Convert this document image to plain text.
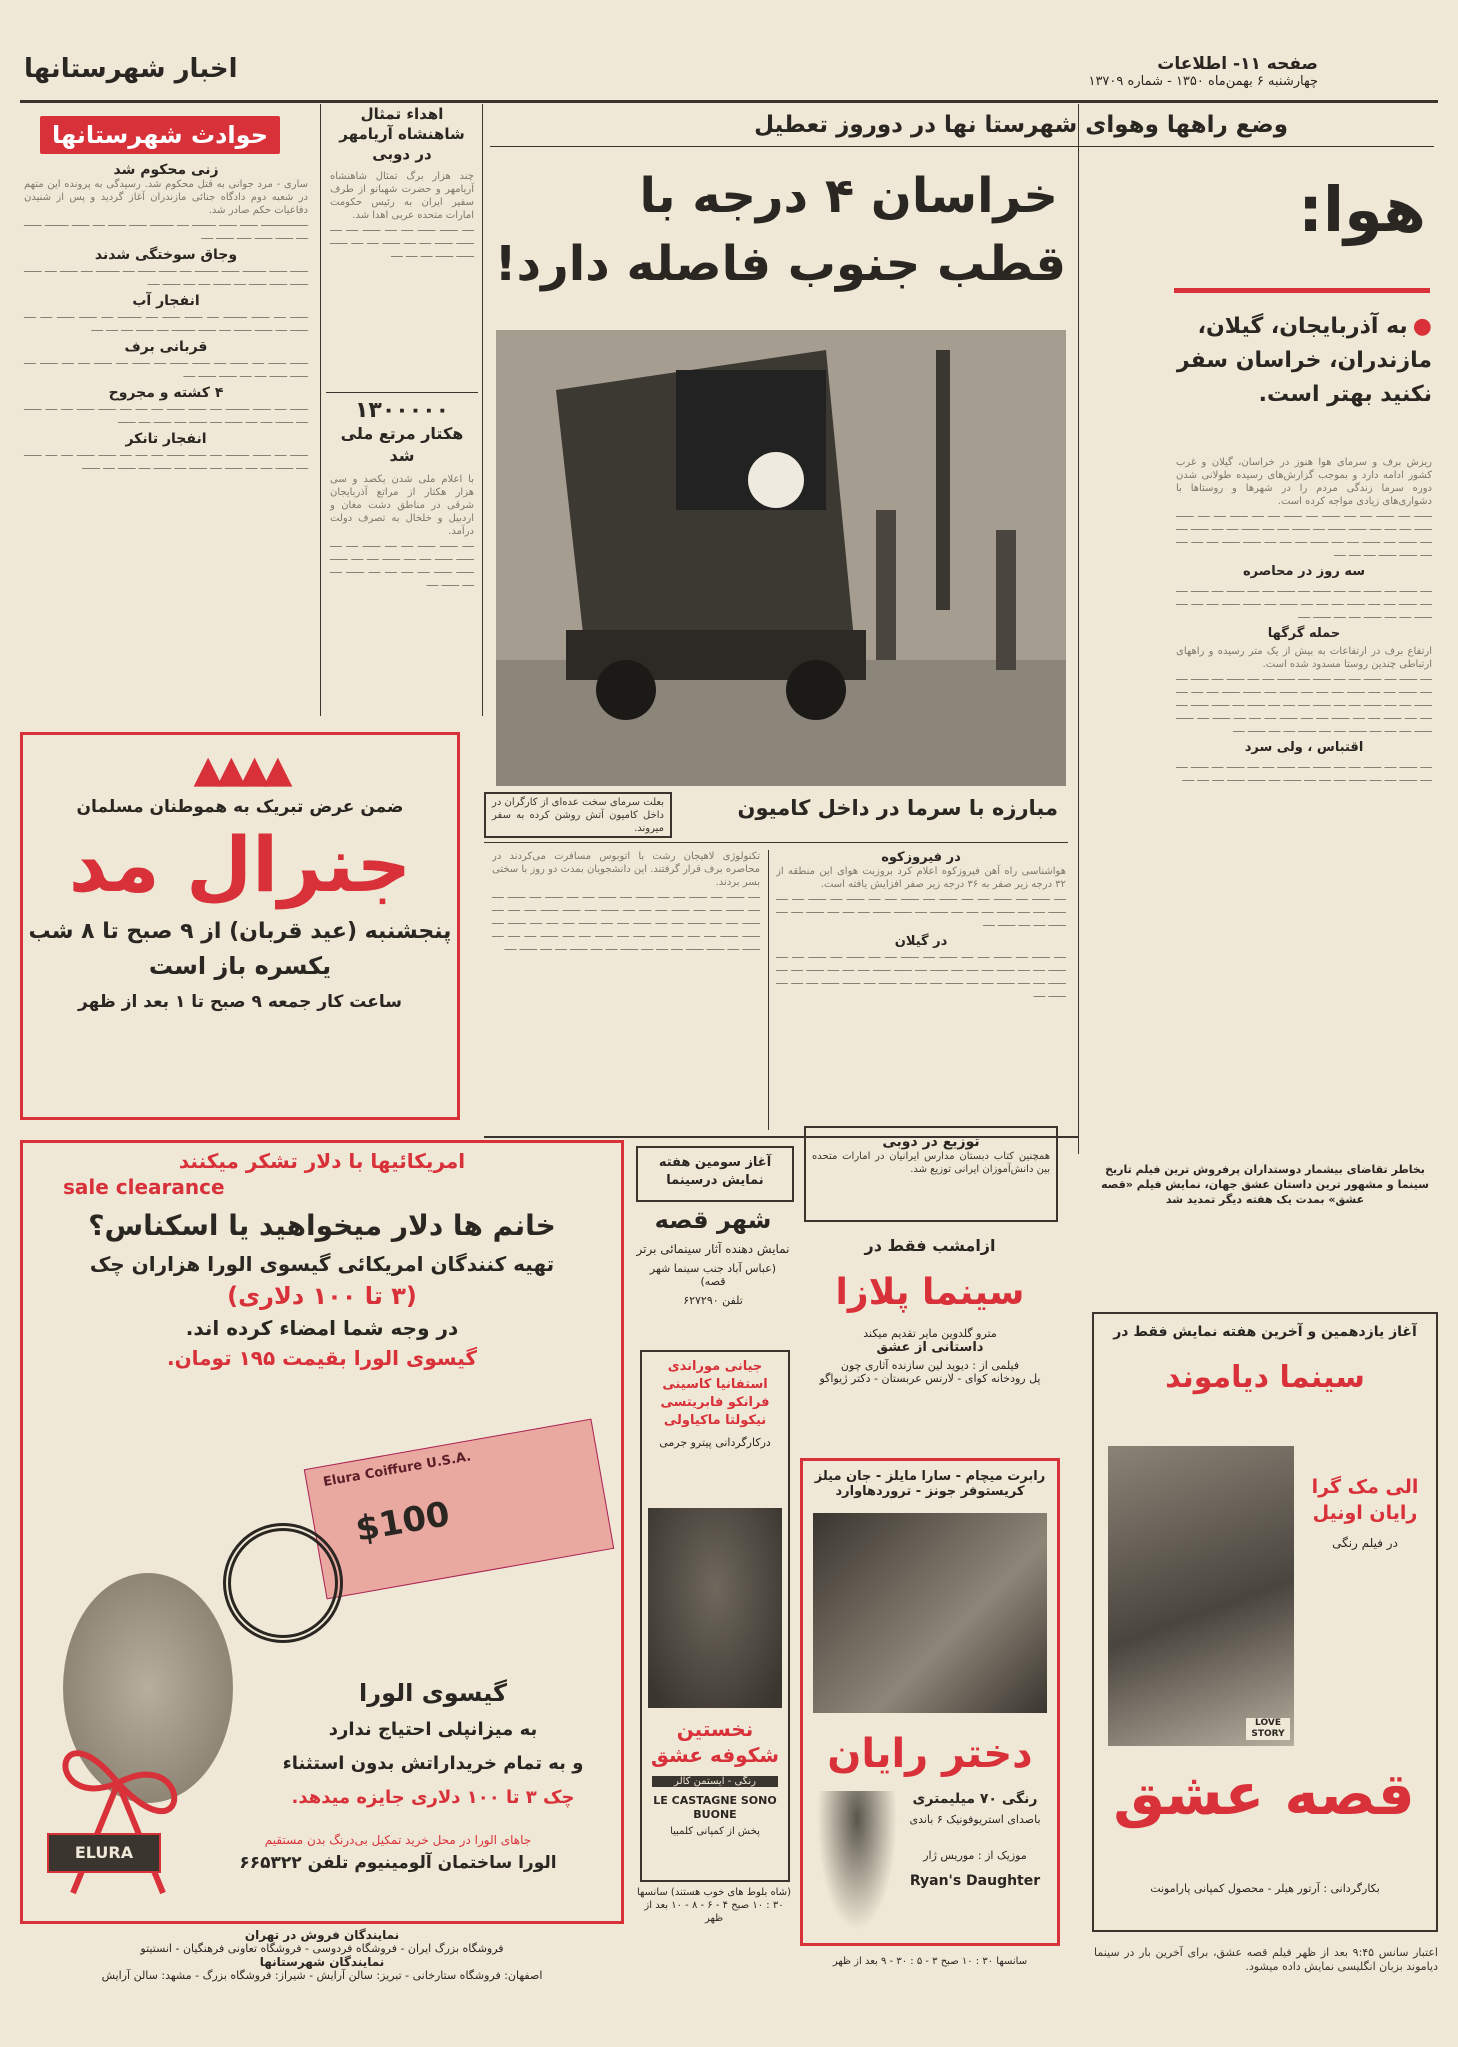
صفحه ۱۱- اطلاعات
چهارشنبه ۶ بهمن‌ماه ۱۳۵۰ - شماره ۱۳۷۰۹
اخبار شهرستانها
حوادث شهرستانها
زنی محکوم شد
ساری - مرد جوانی به قتل محکوم شد. رسیدگی به پرونده این متهم در شعبه دوم دادگاه جنائی مازندران آغاز گردید و پس از شنیدن دفاعیات حکم صادر شد.
ــــــــــــــــ ــــــ ــــــ ــــــــ ــــ ــــــــ ــــــ ــــــ ــــ ــــــ ــــــــ ــــــ ــــ ــــــ ــــــ ـــــ ــــــ ــــ
وجاق سوختگی شدند
ــــــ ــــــ ــــــــ ــــــ ــــــــ ــــ ــــــ ــــــ ــــ ــــــــ ــــ ــــــ ــــ ــــــ ــــــ ــــــ ــــــ ــــ ــــــ ــــ ــــ ــــــ ــــ
انفجار آب
ــــــ ــــ ــــــ ــــــــ ــــ ــــــ ــــــ ــــ ــــــــ ــــ ــــــ ــــــ ــــ ــــ ــــــ ــــ ــــــ ــــــ ــــ ــــــ ــــــــ ــــ ــــــ ــــ ــــ ــــ
قربانی برف
ــــــ ــــــ ــــ ــــــ ــــ ــــــ ــــــ ــــ ــــــ ــــ ــــــ ــــ ــــ ــــــ ــــ ــــــ ــــــ ــــ ــــ ــــــ ــــــ ــــ
۴ کشته و مجروح
ــــــ ــــ ــــــ ــــــــ ــــ ــــــ ــــــ ــــ ــــ ــــ ــــــ ــــــ ــــ ــــ ــــــ ــــ ــــــ ــــ ــــ ــــــ ــــ ــــــ ــــ ــــــ ــــ ــــــ
انفجار تانکر
ــــــ ــــ ــــــ ــــــــ ــــ ــــــ ــــــ ــــ ــــ ــــ ــــــ ــــــ ــــ ــــ ــــــ ــــ ــــــ ــــ ــــ ــــــ ــــ ــــــ ــــ ــــــ ــــ ــــــ ــــ ــــــ
اهداء تمثال شاهنشاه آریامهر در دوبی
چند هزار برگ تمثال شاهنشاه آریامهر و حضرت شهبانو از طرف سفیر ایران به رئیس حکومت امارات متحده عربی اهدا شد.
ــــ ــــــ ــــــ ــــ ــــ ــــــ ــــ ــــ ــــــ ــــــ ــــ ــــ ــــــ ــــ ــــ ــــــ ــــــ ــــــ ــــ ــــ ــــ
۱۳۰۰۰۰۰
هکتار مرتع ملی شد
با اعلام ملی شدن یکصد و سی هزار هکتار از مراتع آذربایجان شرقی در مناطق دشت مغان و اردبیل و خلخال به تصرف دولت درآمد.
ــــ ــــــ ــــــ ــــ ــــ ــــــ ــــ ــــ ــــــ ــــــ ــــ ــــ ــــــ ــــ ــــ ــــــ ــــــ ــــــ ــــ ــــ ــــ ــــ ــــــ ــــ ــــ ــــــ ــــ
وضع راهها وهوای شهرستا نها در دوروز تعطیل
هوا:
خراسان ۴ درجه با
قطب جنوب فاصله دارد!
● به آذربایجان، گیلان، مازندران، خراسان سفر نکنید بهتر است.
ریزش برف و سرمای هوا هنوز در خراسان، گیلان و غرب کشور ادامه دارد و بموجب گزارش‌های رسیده طولانی شدن دوره سرما زندگی مردم را در شهرها و روستاها با دشواری‌های زیادی مواجه کرده است.
ــــــ ــــ ــــــ ــــ ــــ ــــــ ــــ ــــــ ــــ ــــ ــــــ ــــ ــــ ــــــ ــــــ ــــ ــــ ــــ ــــــ ــــــ ــــ ــــــ ــــ ــــ ــــــ ــــ ــــ ــــــ ــــ ــــ ــــــ ــــ ــــــ ــــ ــــ ــــــ ــــ ــــ ــــ ــــــ ــــــ ــــ ــــ ــــ ــــ ــــــ ــــــ ــــ ــــ ــــ
سه روز در محاصره
ــــ ــــــ ــــ ــــــ ــــ ــــ ــــــ ــــ ــــــ ــــ ــــ ــــــ ــــ ــــــ ــــ ــــ ــــــ ــــ ــــ ــــــ ــــ ــــ ــــ ــــــ ــــ ــــــ ــــــ ــــ ــــ ــــ ــــــ ــــ ــــ ــــــ ــــ ــــ ــــــ ــــ
حمله گرگها
ارتفاع برف در ارتفاعات به بیش از یک متر رسیده و راههای ارتباطی چندین روستا مسدود شده است.
ــــ ــــــ ــــ ــــــ ــــ ــــ ــــــ ــــ ــــــ ــــ ــــ ــــــ ــــ ــــــ ــــ ــــ ــــــ ــــ ــــ ــــــ ــــ ــــ ــــ ــــــ ــــ ــــــ ــــــ ــــ ــــ ــــ ــــــ ــــ ــــ ــــــ ــــ ــــ ــــــ ــــ ــــ ــــ ــــــ ــــ ــــــ ــــــ ــــ ــــ ــــ ــــــ ــــ ــــ ــــــ ــــ ــــ ــــــ ــــ ــــ ــــ ــــــ ــــ ــــــ ــــــ ــــ ــــ ــــ ــــــ ــــ ــــ ــــــ ــــ ــــ ــــــ ــــ
اقتباس ، ولی سرد
ــــ ــــــ ــــ ــــــ ــــ ــــ ــــــ ــــ ــــــ ــــ ــــ ــــــ ــــ ــــــ ــــ ــــ ــــــ ــــ ــــ ــــــ ــــ ــــ ــــ ــــــ ــــ ــــــ ــــــ ــــ ــــ ــــ
مبارزه با سرما در داخل کامیون
بعلت سرمای سخت عده‌ای از کارگران در داخل کامیون آتش روشن کرده به سفر میروند.
در فیروزکوه
هواشناسی راه آهن فیروزکوه اعلام کرد بروزیت هوای این منطقه از ۳۲ درجه زیر صفر به ۳۶ درجه زیر صفر افزایش یافته است.
ــــ ــــــ ــــ ــــــ ــــ ــــ ــــــ ــــ ــــــ ــــ ــــ ــــــ ــــ ــــــ ــــ ــــ ــــــ ــــ ــــ ــــــ ــــ ــــ ــــ ــــــ ــــ ــــــ ــــــ ــــ ــــ ــــ ــــــ ــــ ــــ ــــــ ــــ ــــ ــــــ ــــ
در گیلان
ــــ ــــــ ــــ ــــــ ــــ ــــ ــــــ ــــ ــــــ ــــ ــــ ــــــ ــــ ــــــ ــــ ــــ ــــــ ــــ ــــ ــــــ ــــ ــــ ــــ ــــــ ــــ ــــــ ــــــ ــــ ــــ ــــ ــــــ ــــ ــــ ــــــ ــــ ــــ ــــــ ــــ ــــ ــــــ ــــ ــــ ــــ ــــــ ــــ ــــــ ــــــ ــــ ــــ ــــ ــــــ ــــ
تکنولوژی لاهیجان رشت با اتوبوس مسافرت می‌کردند در محاصره برف قرار گرفتند. این دانشجویان بمدت دو روز با سختی بسر بردند.
ــــ ــــــ ــــ ــــــ ــــ ــــ ــــــ ــــ ــــــ ــــ ــــ ــــــ ــــ ــــــ ــــ ــــ ــــــ ــــ ــــ ــــــ ــــ ــــ ــــ ــــــ ــــ ــــــ ــــــ ــــ ــــ ــــ ــــــ ــــ ــــ ــــــ ــــ ــــ ــــــ ــــ ــــ ــــــ ــــ ــــ ــــ ــــــ ــــ ــــــ ــــــ ــــ ــــ ــــ ــــــ ــــ ــــ ــــــ ــــ ــــ ــــــ ــــ ــــ ــــ ــــــ ــــ ــــــ ــــــ ــــ ــــ ــــ ــــــ ــــ ــــ ــــــ ــــ ــــ ــــــ ــــ
▲▲▲▲
ضمن عرض تبریک به هموطنان مسلمان
جنرال مد
پنجشنبه (عید قربان) از ۹ صبح تا ۸ شب
یکسره باز است
ساعت کار جمعه ۹ صبح تا ۱ بعد از ظهر
امریکائیها با دلار تشکر میکنند
sale clearance
خانم ها دلار میخواهید یا اسکناس؟
تهیه کنندگان امریکائی گیسوی الورا هزاران چک
(۳ تا ۱۰۰ دلاری)
در وجه شما امضاء کرده اند.
گیسوی الورا بقیمت ۱۹۵ تومان.
Elura Coiffure U.S.A.
$100
گیسوی الورا
به میزانپلی احتیاج ندارد
و به تمام خریداراتش بدون استثناء
چک ۳ تا ۱۰۰ دلاری جایزه میدهد.
ELURA
جاهای الورا در محل خرید تمکیل بی‌درنگ بدن مستقیم
الورا ساختمان آلومینیوم تلفن ۶۶۵۳۲۲
نمایندگان فروش در تهران
فروشگاه بزرگ ایران - فروشگاه فردوسی - فروشگاه تعاونی فرهنگیان - انستیتو
نمایندگان شهرستانها
اصفهان: فروشگاه ستارخانی - تبریز: سالن آرایش - شیراز: فروشگاه بزرگ - مشهد: سالن آرایش
توزیع در دوبی
همچنین کتاب دبستان مدارس ایرانیان در امارات متحده بین دانش‌آموزان ایرانی توزیع شد.
آغاز سومین هفته نمایش درسینما
شهر قصه
نمایش دهنده آثار سینمائی برتر
(عباس آباد جنب سینما شهر قصه)
تلفن ۶۲۷۲۹۰
جیانی موراندی استفانیا کاسینی فرانکو فابریتسی نیکولتا ماکیاولی
درکارگردانی پیترو جرمی
نخستین شکوفه عشق
رنگی - ایستمن کالر
LE CASTAGNE SONO BUONE
پخش از کمپانی کلمبیا
(شاه بلوط های خوب هستند) سانسها ۳۰ : ۱۰ صبح ۴ - ۶ - ۸ - ۱۰ بعد از ظهر
ازامشب فقط در
سینما پلازا
مترو گلدوین مایر تقدیم میکند
داستانی از عشق
فیلمی از : دیوید لین سازنده آثاری چون
پل رودخانه کوای - لارنس عربستان - دکتر ژیواگو
رابرت میچام - سارا مایلز - جان میلز
کریستوفر جونز - تروردهاوارد
دختر رایان
رنگی ۷۰ میلیمتری
باصدای استریوفونیک ۶ باندی
موزیک از : موریس ژار
Ryan's Daughter
سانسها ۳۰ : ۱۰ صبح ۳ - ۵ : ۳۰ - ۹ بعد از ظهر
بخاطر تقاضای بیشمار دوستداران پرفروش ترین فیلم تاریخ سینما و مشهور ترین داستان عشق جهان، نمایش فیلم «قصه عشق» بمدت یک هفته دیگر تمدید شد
آغاز یازدهمین و آخرین هفته نمایش فقط در
سینما دیاموند
LOVE STORY
الی مک گرا رایان اونیل
در فیلم رنگی
قصه عشق
بکارگردانی : آرتور هیلر - محصول کمپانی پارامونت
اعتبار سانس ۹:۴۵ بعد از ظهر فیلم قصه عشق، برای آخرین بار در سینما دیاموند بزبان انگلیسی نمایش داده میشود.
